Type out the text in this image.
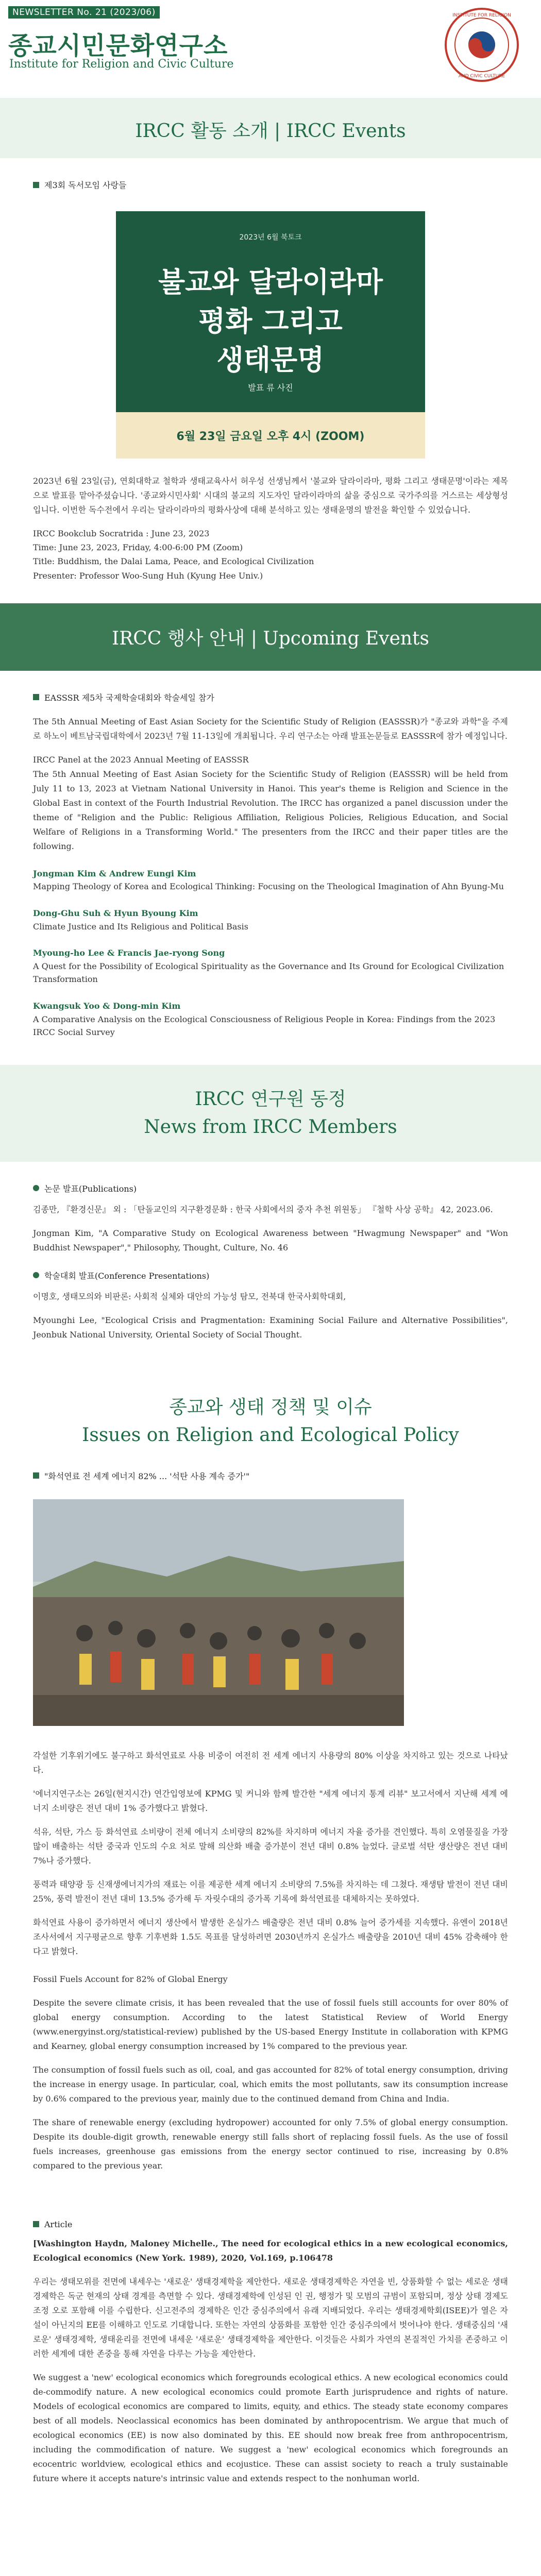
NEWSLETTER No. 21 (2023/06)
종교시민문화연구소
Institute for Religion and Civic Culture
INSTITUTE FOR RELIGION
AND CIVIC CULTURE
IRCC 활동 소개 | IRCC Events
제3회 독서모임 사랑들
2023년 6월 북토크
불교와 달라이라마
평화 그리고
생태문명
발표 류 사진
6월 23일 금요일 오후 4시 (ZOOM)

2023년 6월 23일(금), 연회대학교 철학과 생태교육사서 허우성 선생님께서 '불교와 달라이라마, 평화 그리고 생태문명'이라는 제목으로 발표를 맡아주셨습니다. '종교와시민사회' 시대의 불교의 지도자인 달라이라마의 삶을 중심으로 국가주의를 거스르는 세상형성입니다. 이번한 독수전에서 우리는 달라이라마의 평화사상에 대해 분석하고 있는 생태윤명의 발전을 확인할 수 있었습니다.

IRCC Bookclub Socratrida : June 23, 2023
Time: June 23, 2023, Friday, 4:00-6:00 PM (Zoom)
Title: Buddhism, the Dalai Lama, Peace, and Ecological Civilization
Presenter: Professor Woo-Sung Huh (Kyung Hee Univ.)
IRCC 행사 안내 | Upcoming Events
EASSSR 제5차 국제학술대회와 학술세일 참가

The 5th Annual Meeting of East Asian Society for the Scientific Study of Religion (EASSSR)가 "종교와 과학"을 주제로 하노이 베트남국립대학에서 2023년 7월 11-13일에 개최됩니다. 우리 연구소는 아래 발표논문들로 EASSSR에 참가 예정입니다.

IRCC Panel at the 2023 Annual Meeting of EASSSR
The 5th Annual Meeting of East Asian Society for the Scientific Study of Religion (EASSSR) will be held from July 11 to 13, 2023 at Vietnam National University in Hanoi. This year's theme is Religion and Science in the Global East in context of the Fourth Industrial Revolution. The IRCC has organized a panel discussion under the theme of "Religion and the Public: Religious Affiliation, Religious Policies, Religious Education, and Social Welfare of Religions in a Transforming World." The presenters from the IRCC and their paper titles are the following.

Jongman Kim & Andrew Eungi Kim
Mapping Theology of Korea and Ecological Thinking: Focusing on the Theological Imagination of Ahn Byung-Mu
Dong-Ghu Suh & Hyun Byoung Kim
Climate Justice and Its Religious and Political Basis
Myoung-ho Lee & Francis Jae-ryong Song
A Quest for the Possibility of Ecological Spirituality as the Governance and Its Ground for Ecological Civilization Transformation
Kwangsuk Yoo & Dong-min Kim
A Comparative Analysis on the Ecological Consciousness of Religious People in Korea: Findings from the 2023 IRCC Social Survey
IRCC 연구원 동정
News from IRCC Members
논문 발표(Publications)

김종만, 『환경신문』 외 : 「탄돌교인의 지구환경문화 : 한국 사회에서의 중자 추천 위원동」 『철학 사상 공학』 42, 2023.06.

Jongman Kim, "A Comparative Study on Ecological Awareness between "Hwagmung Newspaper" and "Won Buddhist Newspaper"," Philosophy, Thought, Culture, No. 46

학술대회 발표(Conference Presentations)

이명호, 생태모의와 비판론: 사회적 실체와 대안의 가능성 탐모, 전북대 한국사회학대회,

Myounghi Lee, "Ecological Crisis and Pragmentation: Examining Social Failure and Alternative Possibilities", Jeonbuk National University, Oriental Society of Social Thought.

종교와 생태 정책 및 이슈
Issues on Religion and Ecological Policy
"화석연료 전 세계 에너지 82% ... '석탄 사용 계속 증가'"

각설한 기후위기에도 불구하고 화석연료로 사용 비중이 여전히 전 세계 에너지 사용량의 80% 이상을 차지하고 있는 것으로 나타났다.

'에너지연구소는 26일(현지시간) 연간입영보에 KPMG 및 커니와 함께 발간한 "세계 에너지 통계 리뷰" 보고서에서 지난해 세계 에너지 소비량은 전년 대비 1% 증가했다고 밝혔다.

석유, 석탄, 가스 등 화석연료 소비량이 전체 에너지 소비량의 82%를 차지하며 에너지 자율 증가를 견인했다. 특히 오염물질을 가장 많이 배출하는 석탄 중국과 인도의 수요 처로 말해 의산화 배출 증가분이 전년 대비 0.8% 늘었다. 글로벌 석탄 생산량은 전년 대비 7%나 증가했다.

풍력과 태양광 등 신재생에너지가의 재료는 이를 제공한 세계 에너지 소비량의 7.5%를 차지하는 데 그쳤다. 재생탐 발전이 전년 대비 25%, 풍력 발전이 전년 대비 13.5% 증가해 두 자릿수대의 증가폭 기록에 화석연료를 대체하지는 못하였다.

화석연료 사용이 증가하면서 에너지 생산에서 발생한 온실가스 배출량은 전년 대비 0.8% 늘어 증가세를 지속했다. 유엔이 2018년 조사서에서 지구평균으로 향후 기후변화 1.5도 목표를 달성하려면 2030년까지 온실가스 배출량을 2010년 대비 45% 감축해야 한다고 밝혔다.

Fossil Fuels Account for 82% of Global Energy

Despite the severe climate crisis, it has been revealed that the use of fossil fuels still accounts for over 80% of global energy consumption. According to the latest Statistical Review of World Energy (www.energyinst.org/statistical-review) published by the US-based Energy Institute in collaboration with KPMG and Kearney, global energy consumption increased by 1% compared to the previous year.

The consumption of fossil fuels such as oil, coal, and gas accounted for 82% of total energy consumption, driving the increase in energy usage. In particular, coal, which emits the most pollutants, saw its consumption increase by 0.6% compared to the previous year, mainly due to the continued demand from China and India.

The share of renewable energy (excluding hydropower) accounted for only 7.5% of global energy consumption. Despite its double-digit growth, renewable energy still falls short of replacing fossil fuels. As the use of fossil fuels increases, greenhouse gas emissions from the energy sector continued to rise, increasing by 0.8% compared to the previous year.

Article

[Washington Haydn, Maloney Michelle., The need for ecological ethics in a new ecological economics, Ecological economics (New York. 1989), 2020, Vol.169, p.106478

우리는 생태모위를 전면에 내세우는 '새로운' 생태경제학을 제안한다. 새로운 생태경제학은 자연을 빈, 상품화할 수 없는 세로운 생태경제학은 독군 현재의 상태 경계를 측면할 수 있다. 생태경제학에 인성된 인 권, 행정가 및 모범의 규범이 포함되며, 정상 상태 경제도 조정 오로 포함해 이를 수립한다. 신고전주의 경제학은 인간 중심주의에서 유래 지배되었다. 우리는 생태경제학회(ISEE)가 열은 자설이 아닌지의 EE를 이해하고 인도로 기대합니다. 또한는 자연의 상품화를 포함한 인간 중심주의에서 벗어나야 한다. 생태중심의 '새로운' 생태경제학, 생태윤리를 전면에 내세운 '새로운' 생태경제학을 제안한다. 이것들은 사회가 자연의 본질적인 가치를 존중하고 이러한 세계에 대한 존중을 통해 자연을 다루는 가능을 제안한다.

We suggest a 'new' ecological economics which foregrounds ecological ethics. A new ecological economics could de-commodify nature. A new ecological economics could promote Earth jurisprudence and rights of nature. Models of ecological economics are compared to limits, equity, and ethics. The steady state economy compares best of all models. Neoclassical economics has been dominated by anthropocentrism. We argue that much of ecological economics (EE) is now also dominated by this. EE should now break free from anthropocentrism, including the commodification of nature. We suggest a 'new' ecological economics which foregrounds an ecocentric worldview, ecological ethics and ecojustice. These can assist society to reach a truly sustainable future where it accepts nature's intrinsic value and extends respect to the nonhuman world.
